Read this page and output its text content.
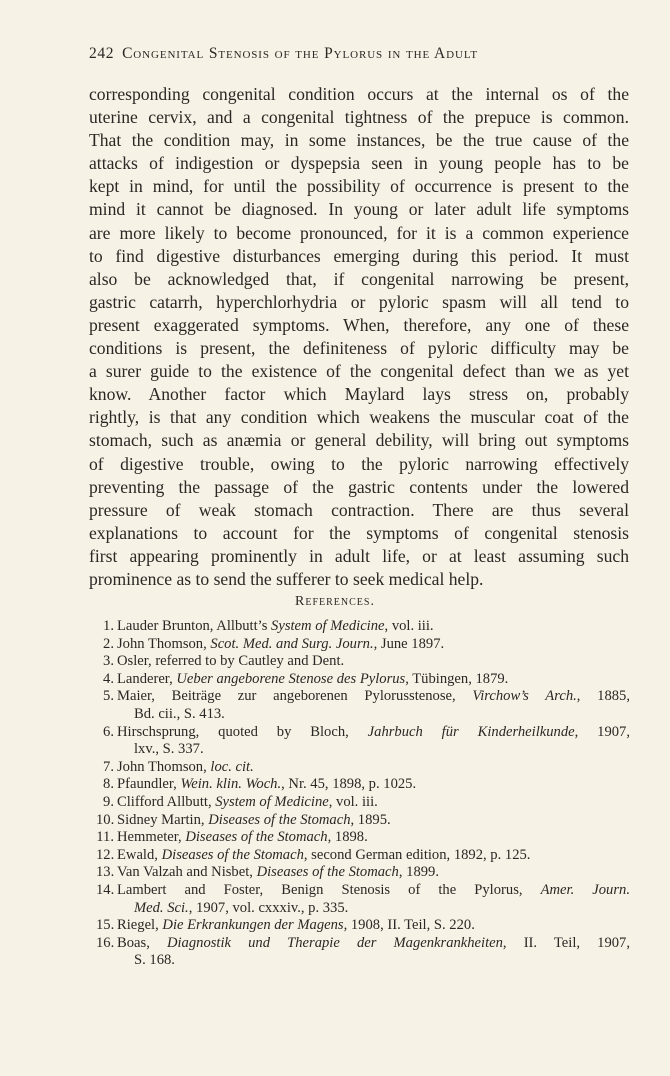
242 Congenital Stenosis of the Pylorus in the Adult
corresponding congenital condition occurs at the internal os of the
uterine cervix, and a congenital tightness of the prepuce is common.
That the condition may, in some instances, be the true cause of the
attacks of indigestion or dyspepsia seen in young people has to be
kept in mind, for until the possibility of occurrence is present to the
mind it cannot be diagnosed. In young or later adult life symptoms
are more likely to become pronounced, for it is a common experience
to find digestive disturbances emerging during this period. It must
also be acknowledged that, if congenital narrowing be present,
gastric catarrh, hyperchlorhydria or pyloric spasm will all tend to
present exaggerated symptoms. When, therefore, any one of these
conditions is present, the definiteness of pyloric difficulty may be
a surer guide to the existence of the congenital defect than we as yet
know. Another factor which Maylard lays stress on, probably
rightly, is that any condition which weakens the muscular coat of the
stomach, such as anæmia or general debility, will bring out symptoms
of digestive trouble, owing to the pyloric narrowing effectively
preventing the passage of the gastric contents under the lowered
pressure of weak stomach contraction. There are thus several
explanations to account for the symptoms of congenital stenosis
first appearing prominently in adult life, or at least assuming such
prominence as to send the sufferer to seek medical help.
References.
1. Lauder Brunton, Allbutt’s System of Medicine, vol. iii.
2. John Thomson, Scot. Med. and Surg. Journ., June 1897.
3. Osler, referred to by Cautley and Dent.
4. Landerer, Ueber angeborene Stenose des Pylorus, Tübingen, 1879.
5. Maier, Beiträge zur angeborenen Pylorusstenose, Virchow’s Arch., 1885,
Bd. cii., S. 413.
6. Hirschsprung, quoted by Bloch, Jahrbuch für Kinderheilkunde, 1907,
lxv., S. 337.
7. John Thomson, loc. cit.
8. Pfaundler, Wein. klin. Woch., Nr. 45, 1898, p. 1025.
9. Clifford Allbutt, System of Medicine, vol. iii.
10. Sidney Martin, Diseases of the Stomach, 1895.
11. Hemmeter, Diseases of the Stomach, 1898.
12. Ewald, Diseases of the Stomach, second German edition, 1892, p. 125.
13. Van Valzah and Nisbet, Diseases of the Stomach, 1899.
14. Lambert and Foster, Benign Stenosis of the Pylorus, Amer. Journ.
Med. Sci., 1907, vol. cxxxiv., p. 335.
15. Riegel, Die Erkrankungen der Magens, 1908, II. Teil, S. 220.
16. Boas, Diagnostik und Therapie der Magenkrankheiten, II. Teil, 1907,
S. 168.
